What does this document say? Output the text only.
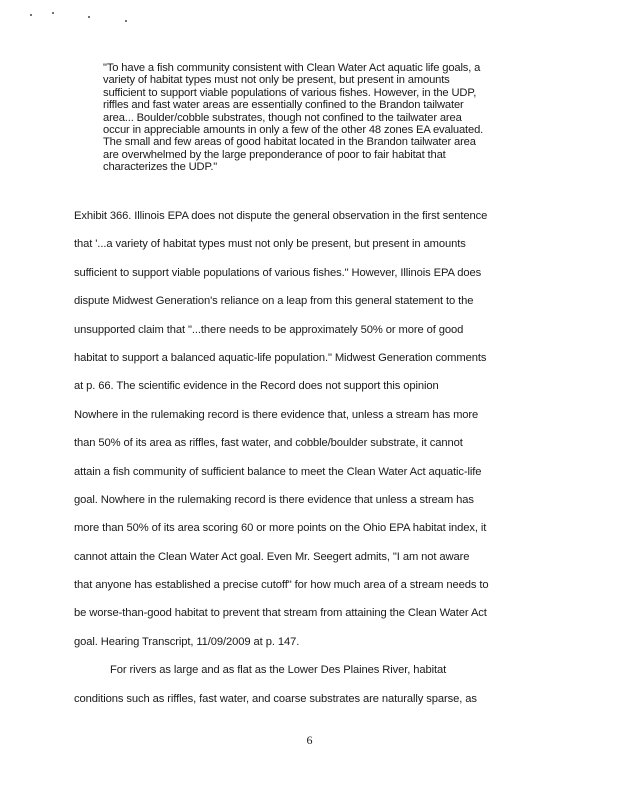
"To have a fish community consistent with Clean Water Act aquatic life goals, a
variety of habitat types must not only be present, but present in amounts
sufficient to support viable populations of various fishes. However, in the UDP,
riffles and fast water areas are essentially confined to the Brandon tailwater
area... Boulder/cobble substrates, though not confined to the tailwater area
occur in appreciable amounts in only a few of the other 48 zones EA evaluated.
The small and few areas of good habitat located in the Brandon tailwater area
are overwhelmed by the large preponderance of poor to fair habitat that
characterizes the UDP."
Exhibit 366. Illinois EPA does not dispute the general observation in the first sentence
that '...a variety of habitat types must not only be present, but present in amounts
sufficient to support viable populations of various fishes." However, Illinois EPA does
dispute Midwest Generation's reliance on a leap from this general statement to the
unsupported claim that "...there needs to be approximately 50% or more of good
habitat to support a balanced aquatic-life population." Midwest Generation comments
at p. 66. The scientific evidence in the Record does not support this opinion
Nowhere in the rulemaking record is there evidence that, unless a stream has more
than 50% of its area as riffles, fast water, and cobble/boulder substrate, it cannot
attain a fish community of sufficient balance to meet the Clean Water Act aquatic-life
goal. Nowhere in the rulemaking record is there evidence that unless a stream has
more than 50% of its area scoring 60 or more points on the Ohio EPA habitat index, it
cannot attain the Clean Water Act goal. Even Mr. Seegert admits, "I am not aware
that anyone has established a precise cutoff" for how much area of a stream needs to
be worse-than-good habitat to prevent that stream from attaining the Clean Water Act
goal. Hearing Transcript, 11/09/2009 at p. 147.
For rivers as large and as flat as the Lower Des Plaines River, habitat
conditions such as riffles, fast water, and coarse substrates are naturally sparse, as
6
